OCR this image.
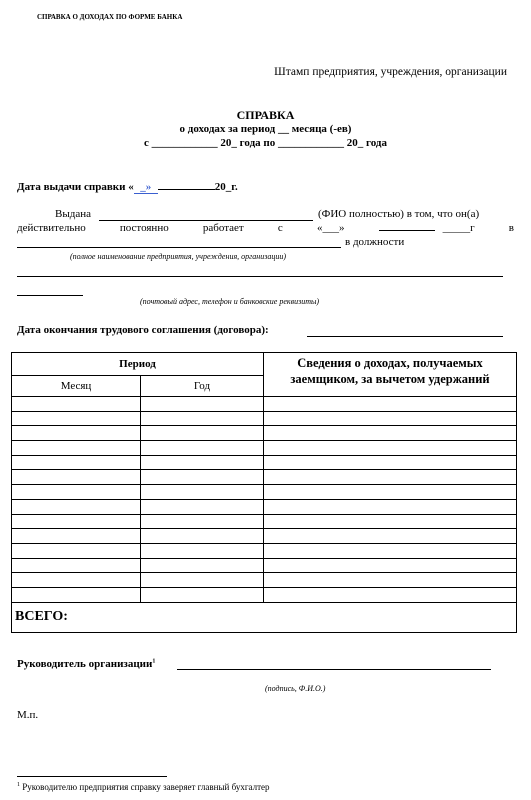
СПРАВКА О ДОХОДАХ ПО ФОРМЕ БАНКА
Штамп предприятия, учреждения, организации
СПРАВКА
о доходах за период __ месяца (-ев)
с ____________ 20_ года по ____________ 20_ года
Дата выдачи справки « _»	20_г.
Выдана	(ФИО полностью) в том, что он(а)
действительно	постоянно	работает	с	«___»	_____г	в
в должности
(полное наименование предприятия, учреждения, организации)
(почтовый адрес, телефон и банковские реквизиты)
Дата окончания трудового соглашения (договора):
Период		Сведения о доходах, получаемых заемщиком, за вычетом удержаний
Месяц	Год	

ВСЕГО:		
Руководитель организации$^1$
(подпись, Ф.И.О.)
М.п.
$^1$ Руководителю предприятия справку заверяет главный бухгалтер
